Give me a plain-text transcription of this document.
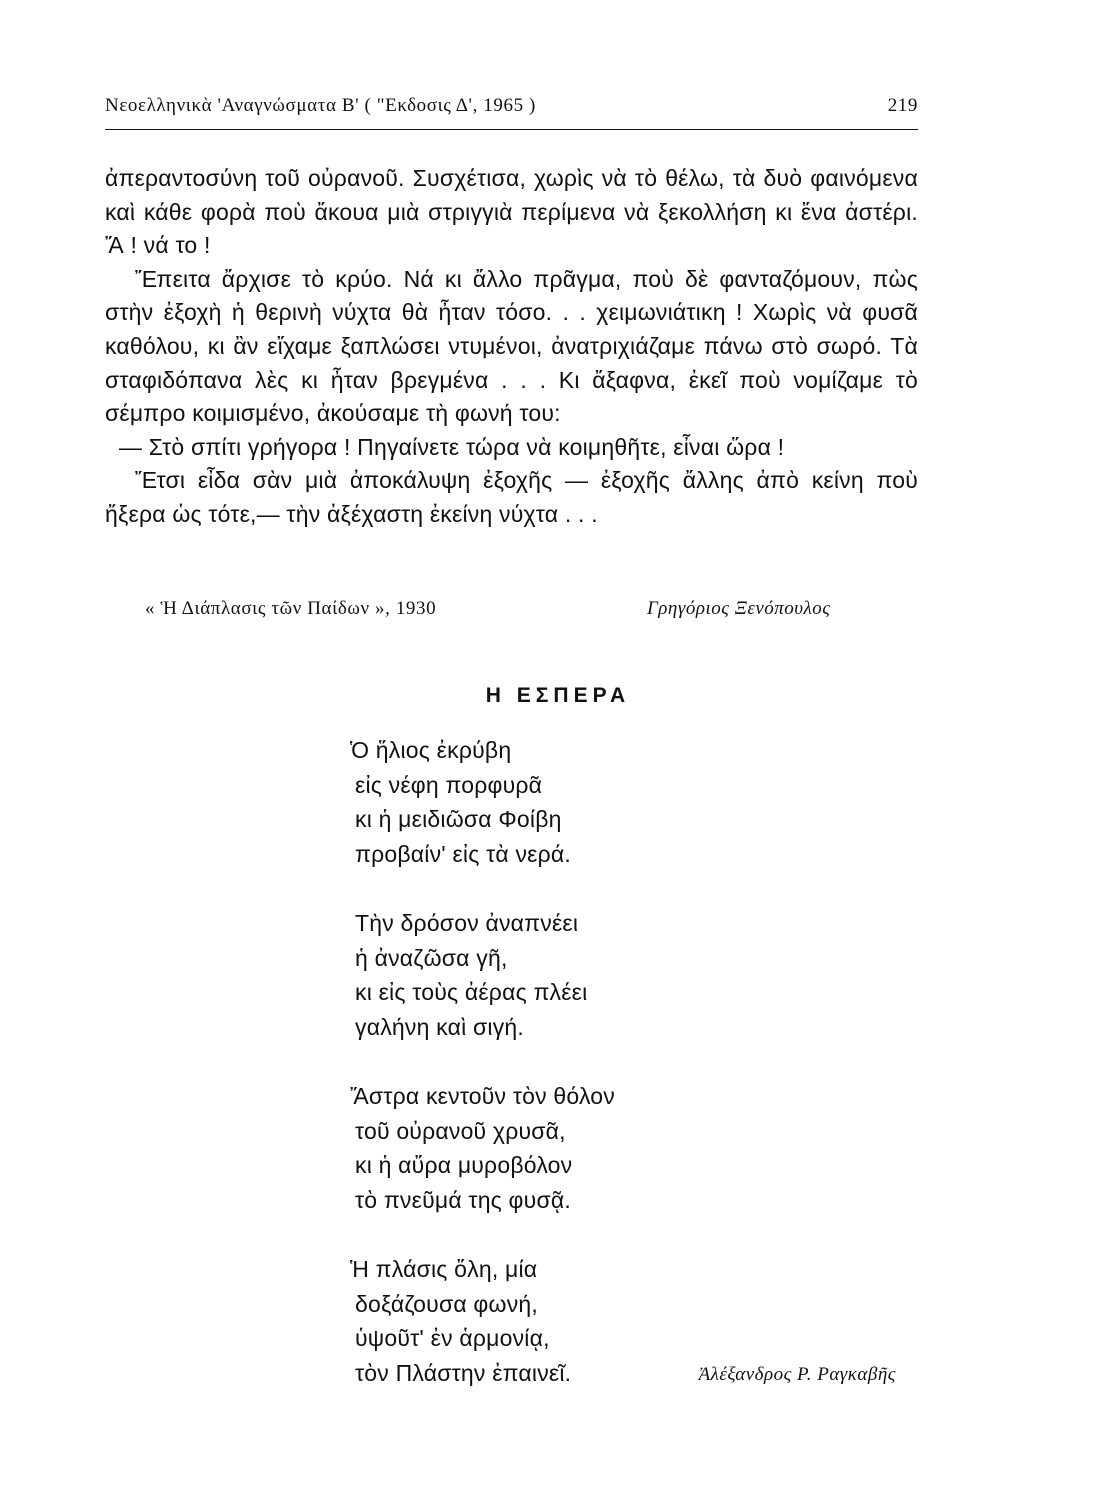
Νεοελληνικὰ 'Αναγνώσματα Β' ( "Εκδοσις Δ', 1965 )	219

ἀπεραντοσύνη τοῦ οὐρανοῦ. Συσχέτισα, χωρὶς νὰ τὸ θέλω, τὰ δυὸ φαινόμενα καὶ κάθε φορὰ ποὺ ἄκουα μιὰ στριγγιὰ περίμενα νὰ ξεκολλήση κι ἕνα ἀστέρι. Ἄ ! νά το !

Ἔπειτα ἄρχισε τὸ κρύο. Νά κι ἄλλο πρᾶγμα, ποὺ δὲ φανταζόμουν, πὼς στὴν ἐξοχὴ ἡ θερινὴ νύχτα θὰ ἦταν τόσο. . . χειμωνιάτικη ! Χωρὶς νὰ φυσᾶ καθόλου, κι ἂν εἴχαμε ξαπλώσει ντυμένοι, ἀνατριχιάζαμε πάνω στὸ σωρό. Τὰ σταφιδόπανα λὲς κι ἦταν βρεγμένα . . . Κι ἄξαφνα, ἐκεῖ ποὺ νομίζαμε τὸ σέμπρο κοιμισμένο, ἀκούσαμε τὴ φωνή του:

— Στὸ σπίτι γρήγορα ! Πηγαίνετε τώρα νὰ κοιμηθῆτε, εἶναι ὥρα !

Ἔτσι εἶδα σὰν μιὰ ἀποκάλυψη ἐξοχῆς — ἐξοχῆς ἄλλης ἀπὸ κείνη ποὺ ἤξερα ὡς τότε,— τὴν ἀξέχαστη ἐκείνη νύχτα . . .

« Ἡ Διάπλασις τῶν Παίδων », 1930	Γρηγόριος Ξενόπουλος
Η ΕΣΠΕΡΑ
Ὁ ἥλιος ἐκρύβη
εἰς νέφη πορφυρᾶ
κι ἡ μειδιῶσα Φοίβη
προβαίν' εἰς τὰ νερά.
Τὴν δρόσον ἀναπνέει
ἡ ἀναζῶσα γῆ,
κι εἰς τοὺς ἀέρας πλέει
γαλήνη καὶ σιγή.
Ἄστρα κεντοῦν τὸν θόλον
τοῦ οὐρανοῦ χρυσᾶ,
κι ἡ αὔρα μυροβόλον
τὸ πνεῦμά της φυσᾷ.
Ἡ πλάσις ὅλη, μία
δοξάζουσα φωνή,
ὑψοῦτ' ἐν ἁρμονίᾳ,
τὸν Πλάστην ἐπαινεῖ.	Ἀλέξανδρος Ρ. Ραγκαβῆς
